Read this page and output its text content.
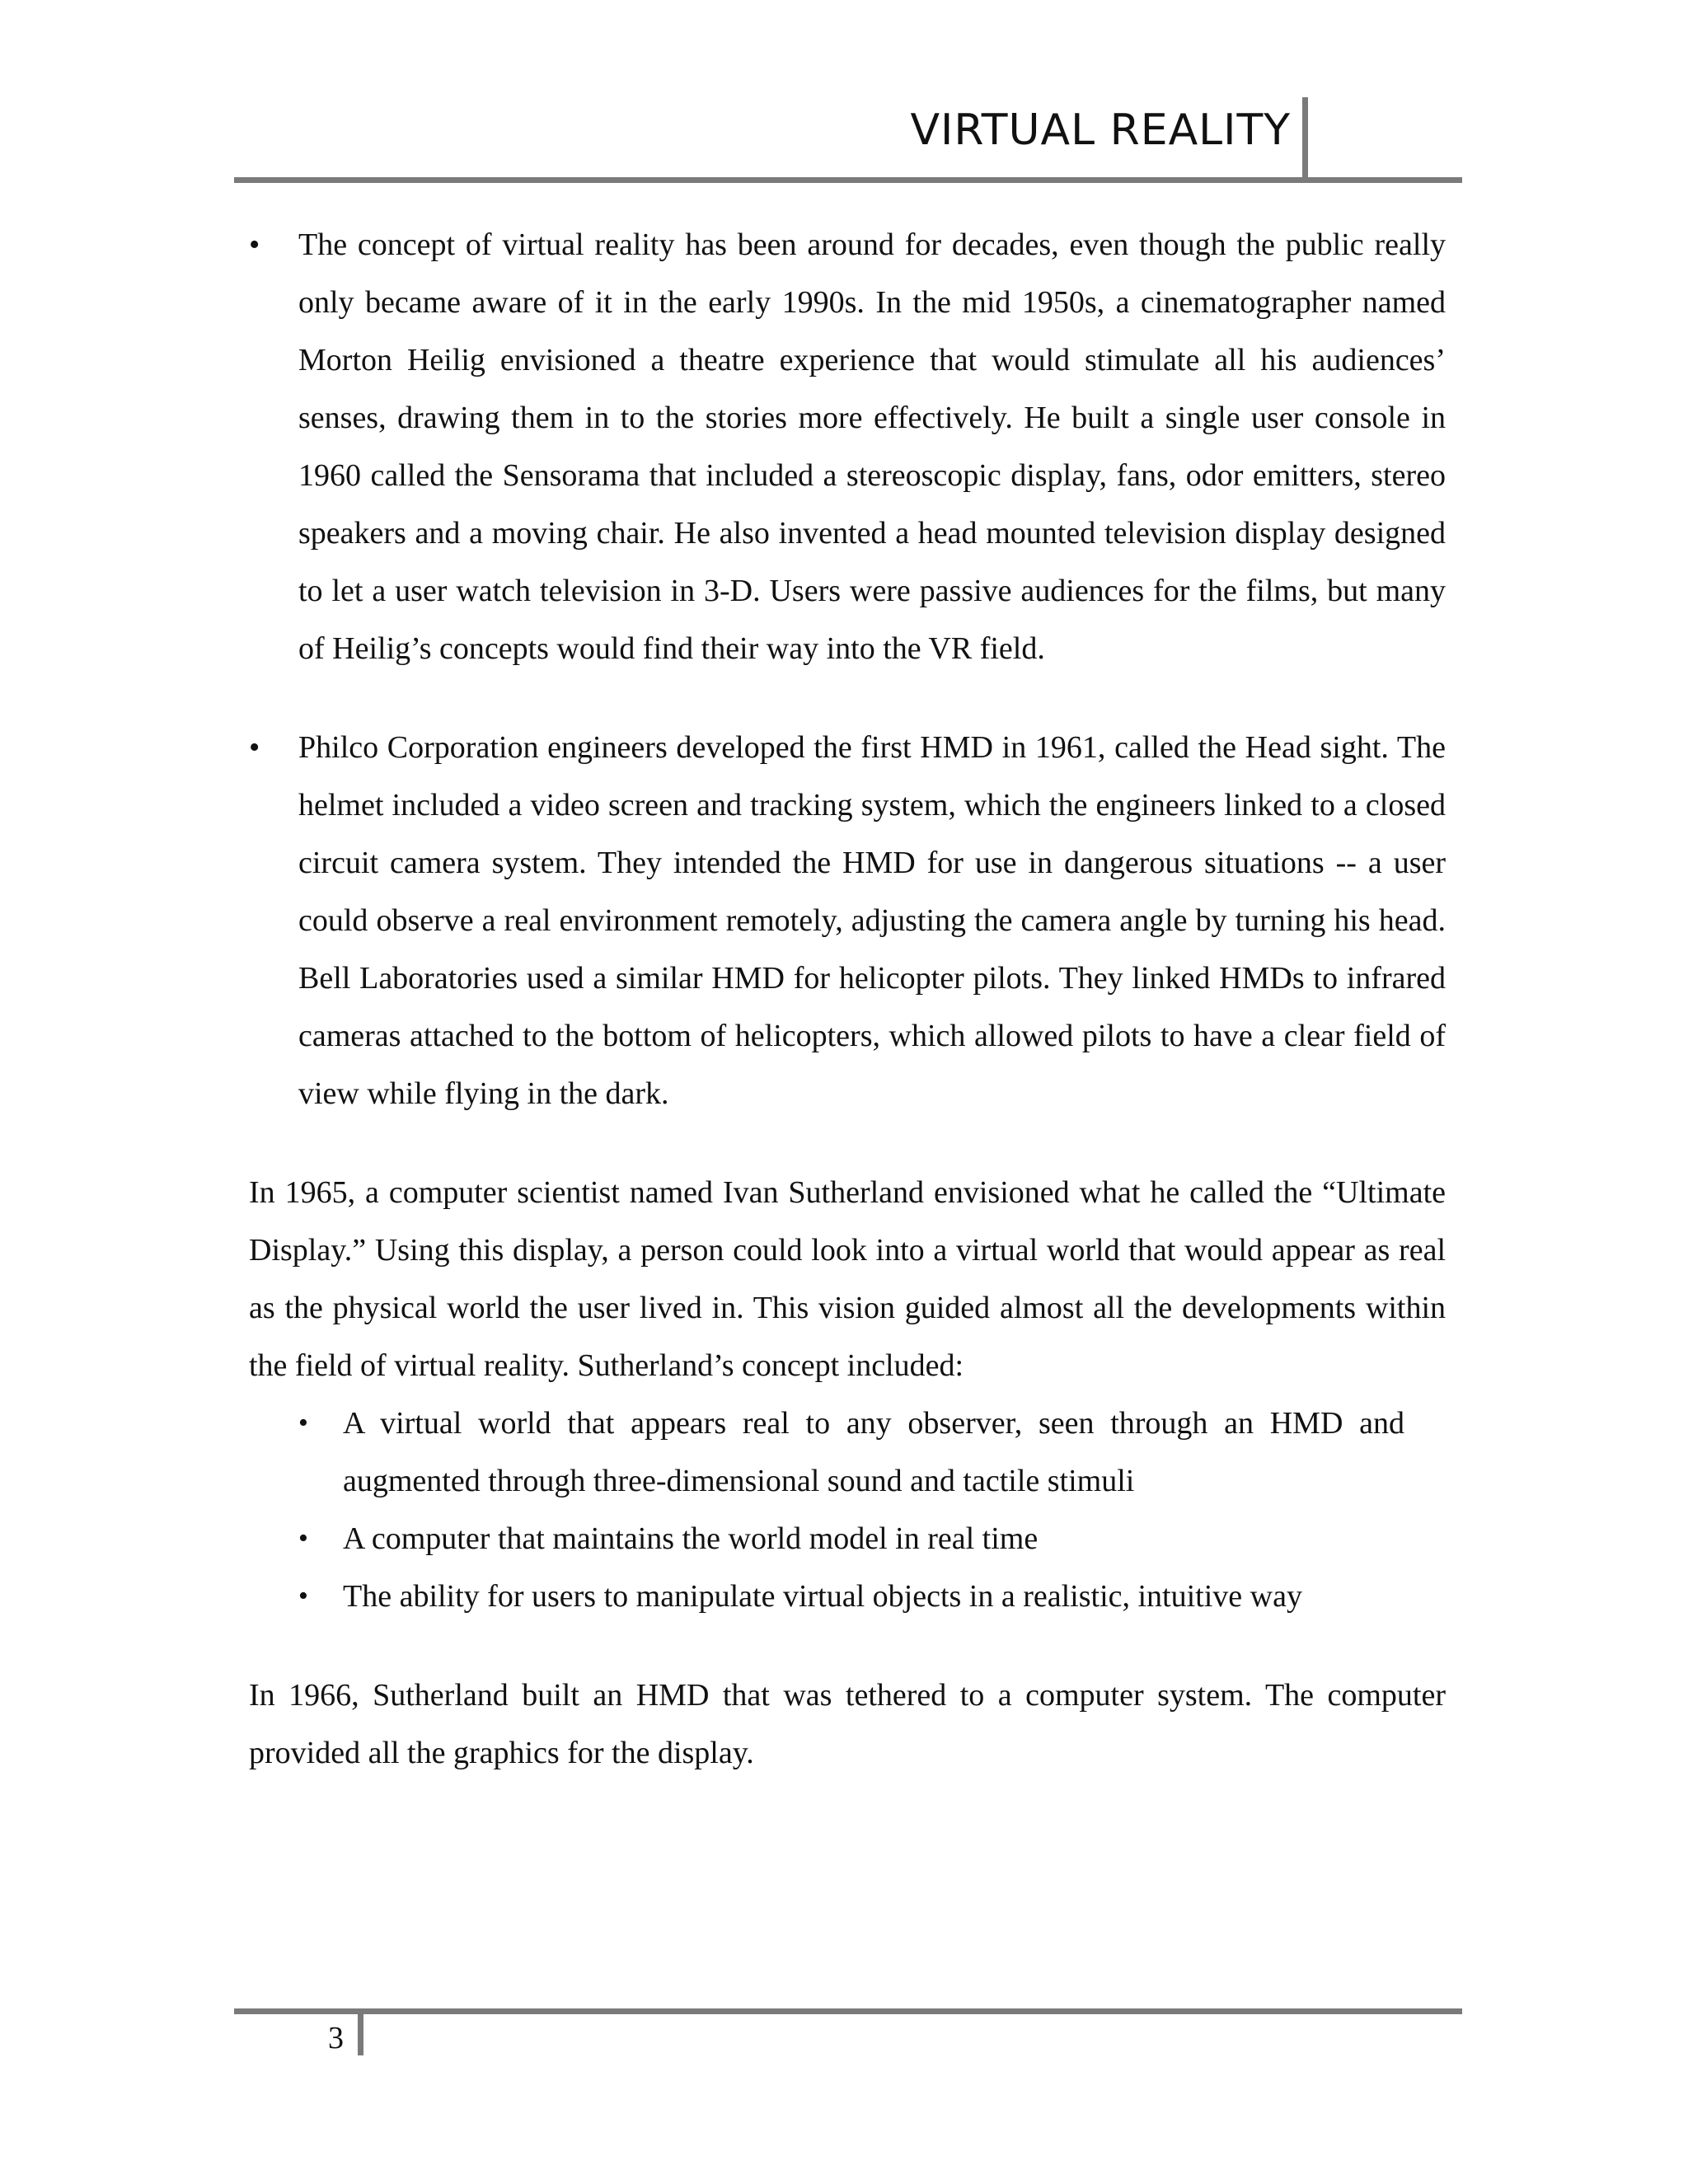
VIRTUAL REALITY
• The concept of virtual reality has been around for decades, even though the public really only became aware of it in the early 1990s. In the mid 1950s, a cinematographer named Morton Heilig envisioned a theatre experience that would stimulate all his audiences’ senses, drawing them in to the stories more effectively. He built a single user console in 1960 called the Sensorama that included a stereoscopic display, fans, odor emitters, stereo speakers and a moving chair. He also invented a head mounted television display designed to let a user watch television in 3-D. Users were passive audiences for the films, but many of Heilig’s concepts would find their way into the VR field.
• Philco Corporation engineers developed the first HMD in 1961, called the Head sight. The helmet included a video screen and tracking system, which the engineers linked to a closed circuit camera system. They intended the HMD for use in dangerous situations -- a user could observe a real environment remotely, adjusting the camera angle by turning his head. Bell Laboratories used a similar HMD for helicopter pilots. They linked HMDs to infrared cameras attached to the bottom of helicopters, which allowed pilots to have a clear field of view while flying in the dark.

In 1965, a computer scientist named Ivan Sutherland envisioned what he called the “Ultimate Display.” Using this display, a person could look into a virtual world that would appear as real as the physical world the user lived in. This vision guided almost all the developments within the field of virtual reality. Sutherland’s concept included:

• A virtual world that appears real to any observer, seen through an HMD and augmented through three-dimensional sound and tactile stimuli
• A computer that maintains the world model in real time
• The ability for users to manipulate virtual objects in a realistic, intuitive way

In 1966, Sutherland built an HMD that was tethered to a computer system. The computer provided all the graphics for the display.

3
